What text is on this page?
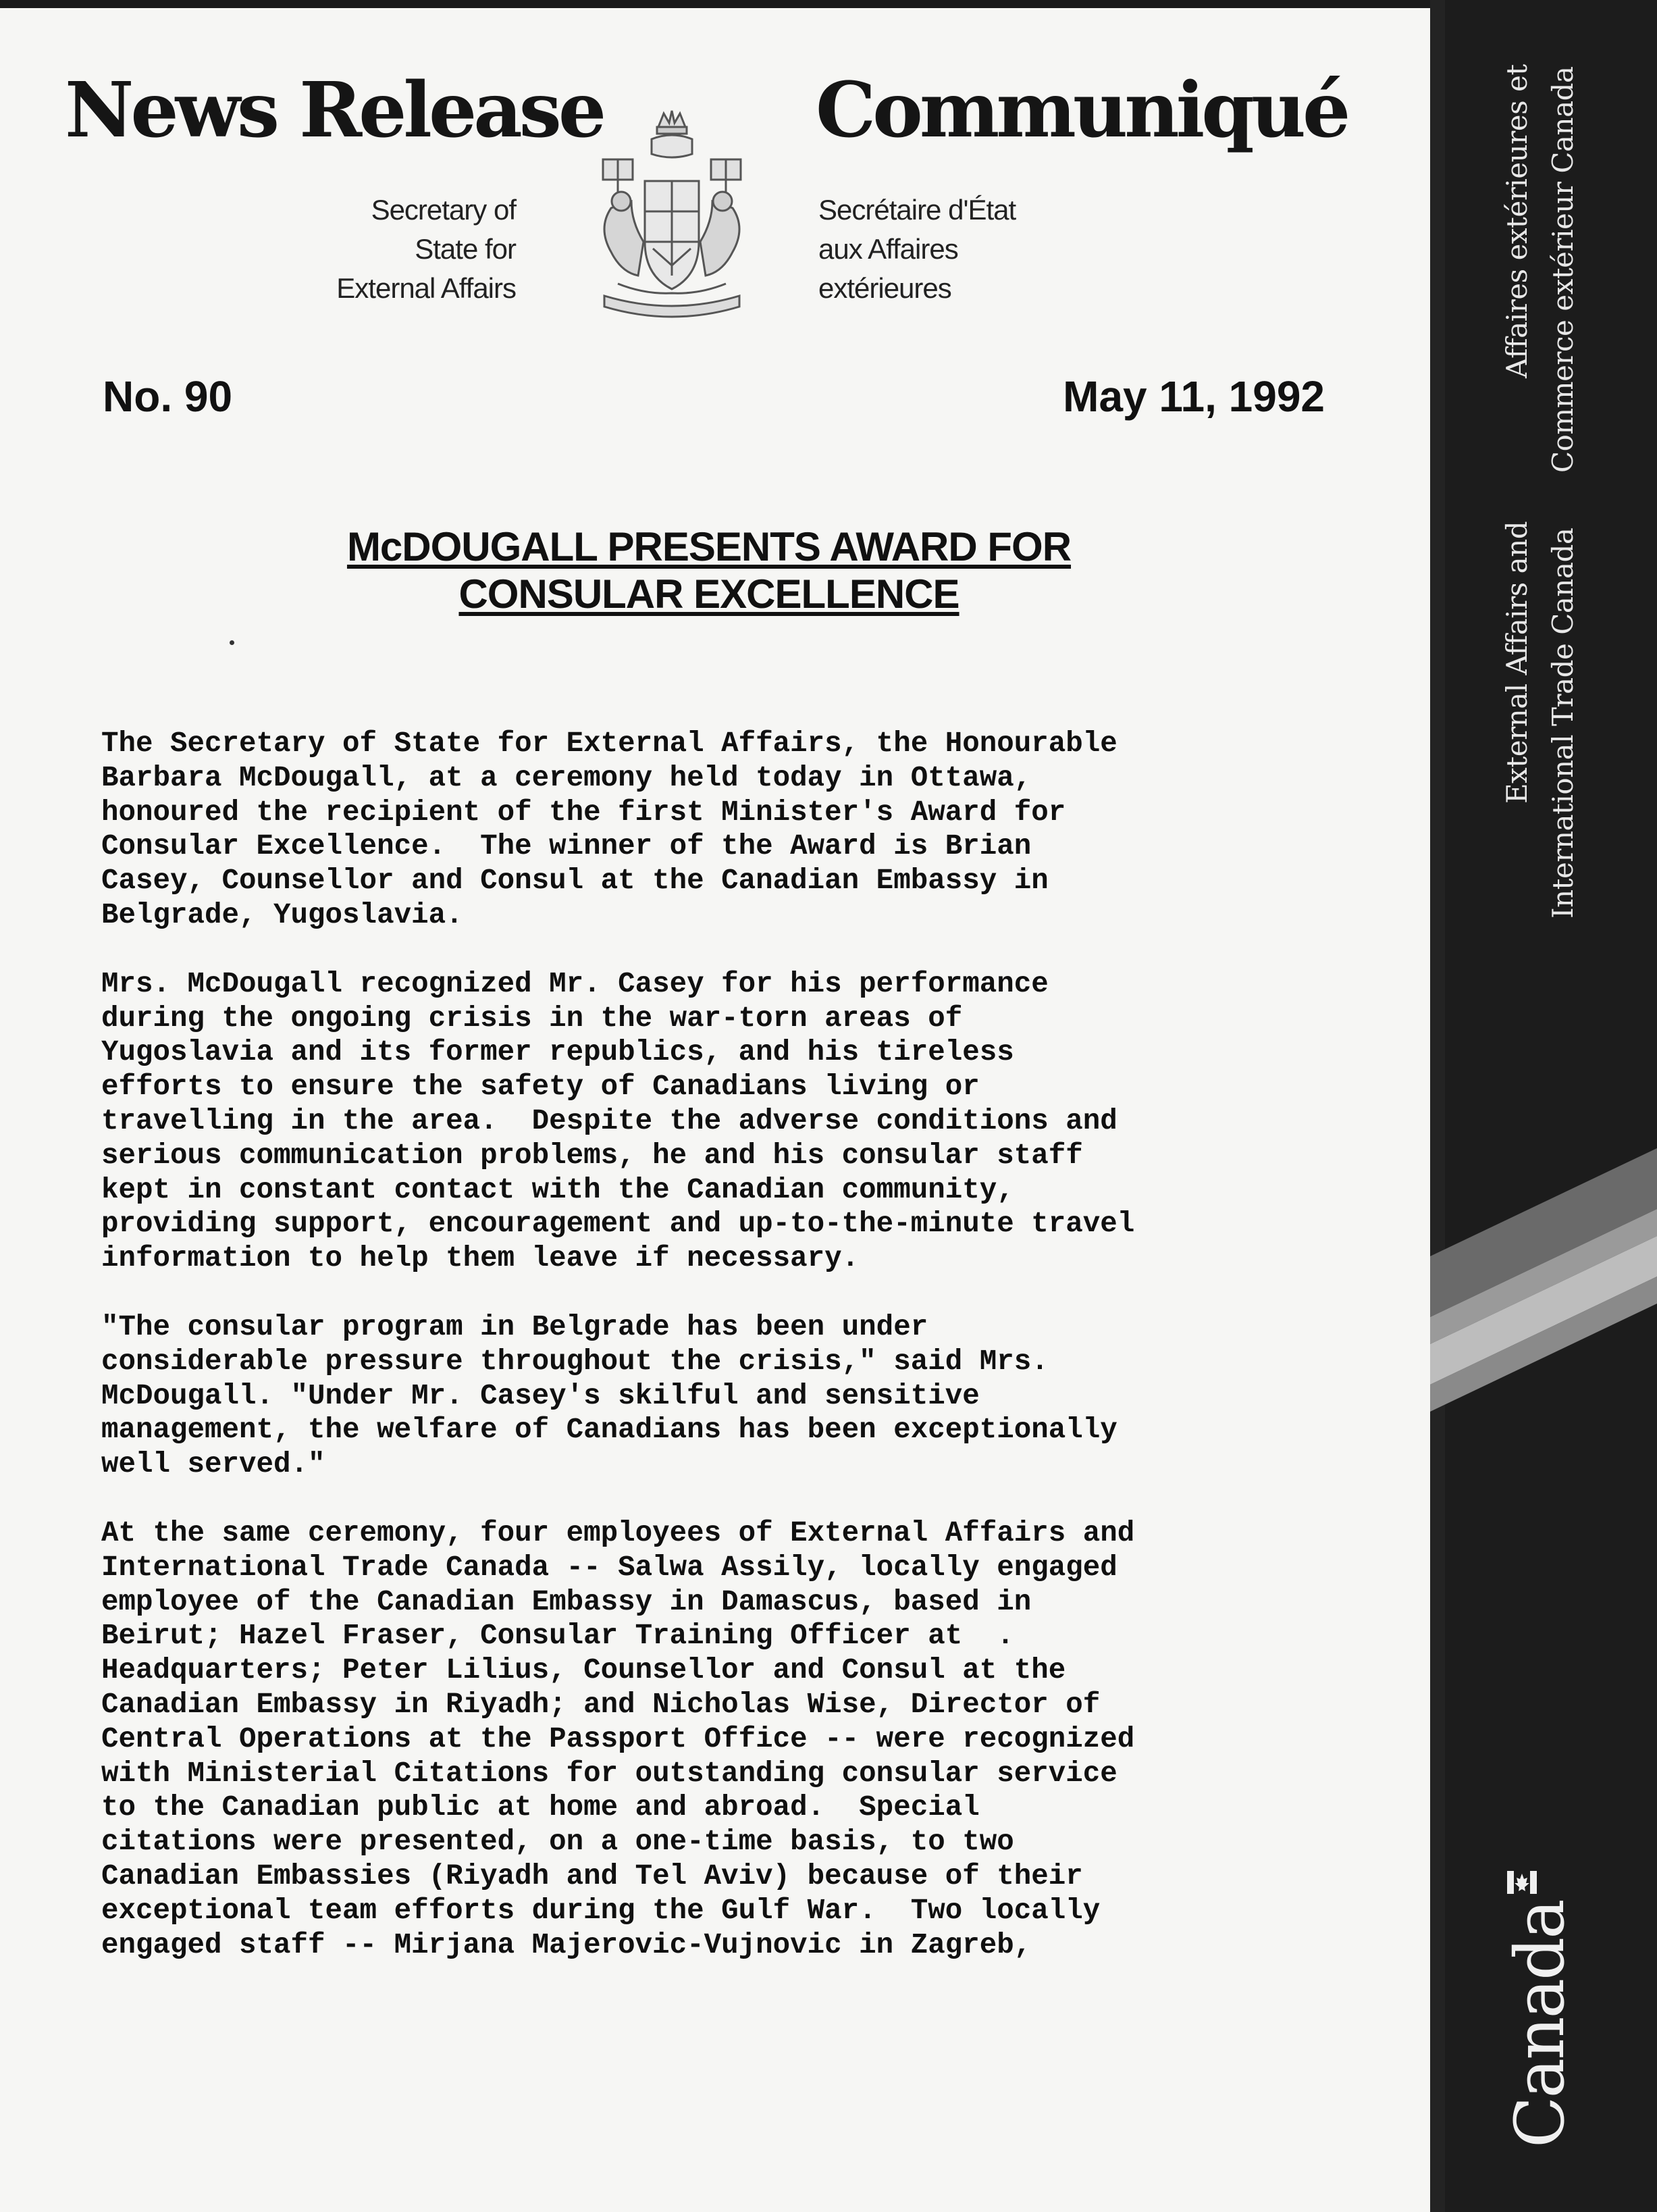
News Release	Communiqué
Secretary of
State for
External Affairs
Secrétaire d'État
aux Affaires
extérieures
No. 90	May 11, 1992
McDOUGALL PRESENTS AWARD FOR
CONSULAR EXCELLENCE
The Secretary of State for External Affairs, the Honourable
Barbara McDougall, at a ceremony held today in Ottawa,
honoured the recipient of the first Minister's Award for
Consular Excellence.  The winner of the Award is Brian
Casey, Counsellor and Consul at the Canadian Embassy in
Belgrade, Yugoslavia.
Mrs. McDougall recognized Mr. Casey for his performance
during the ongoing crisis in the war-torn areas of
Yugoslavia and its former republics, and his tireless
efforts to ensure the safety of Canadians living or
travelling in the area.  Despite the adverse conditions and
serious communication problems, he and his consular staff
kept in constant contact with the Canadian community,
providing support, encouragement and up-to-the-minute travel
information to help them leave if necessary.
"The consular program in Belgrade has been under
considerable pressure throughout the crisis," said Mrs.
McDougall. "Under Mr. Casey's skilful and sensitive
management, the welfare of Canadians has been exceptionally
well served."
At the same ceremony, four employees of External Affairs and
International Trade Canada -- Salwa Assily, locally engaged
employee of the Canadian Embassy in Damascus, based in
Beirut; Hazel Fraser, Consular Training Officer at  .
Headquarters; Peter Lilius, Counsellor and Consul at the
Canadian Embassy in Riyadh; and Nicholas Wise, Director of
Central Operations at the Passport Office -- were recognized
with Ministerial Citations for outstanding consular service
to the Canadian public at home and abroad.  Special
citations were presented, on a one-time basis, to two
Canadian Embassies (Riyadh and Tel Aviv) because of their
exceptional team efforts during the Gulf War.  Two locally
engaged staff -- Mirjana Majerovic-Vujnovic in Zagreb,
Affaires extérieures et Commerce extérieur Canada
External Affairs and International Trade Canada
Canada
